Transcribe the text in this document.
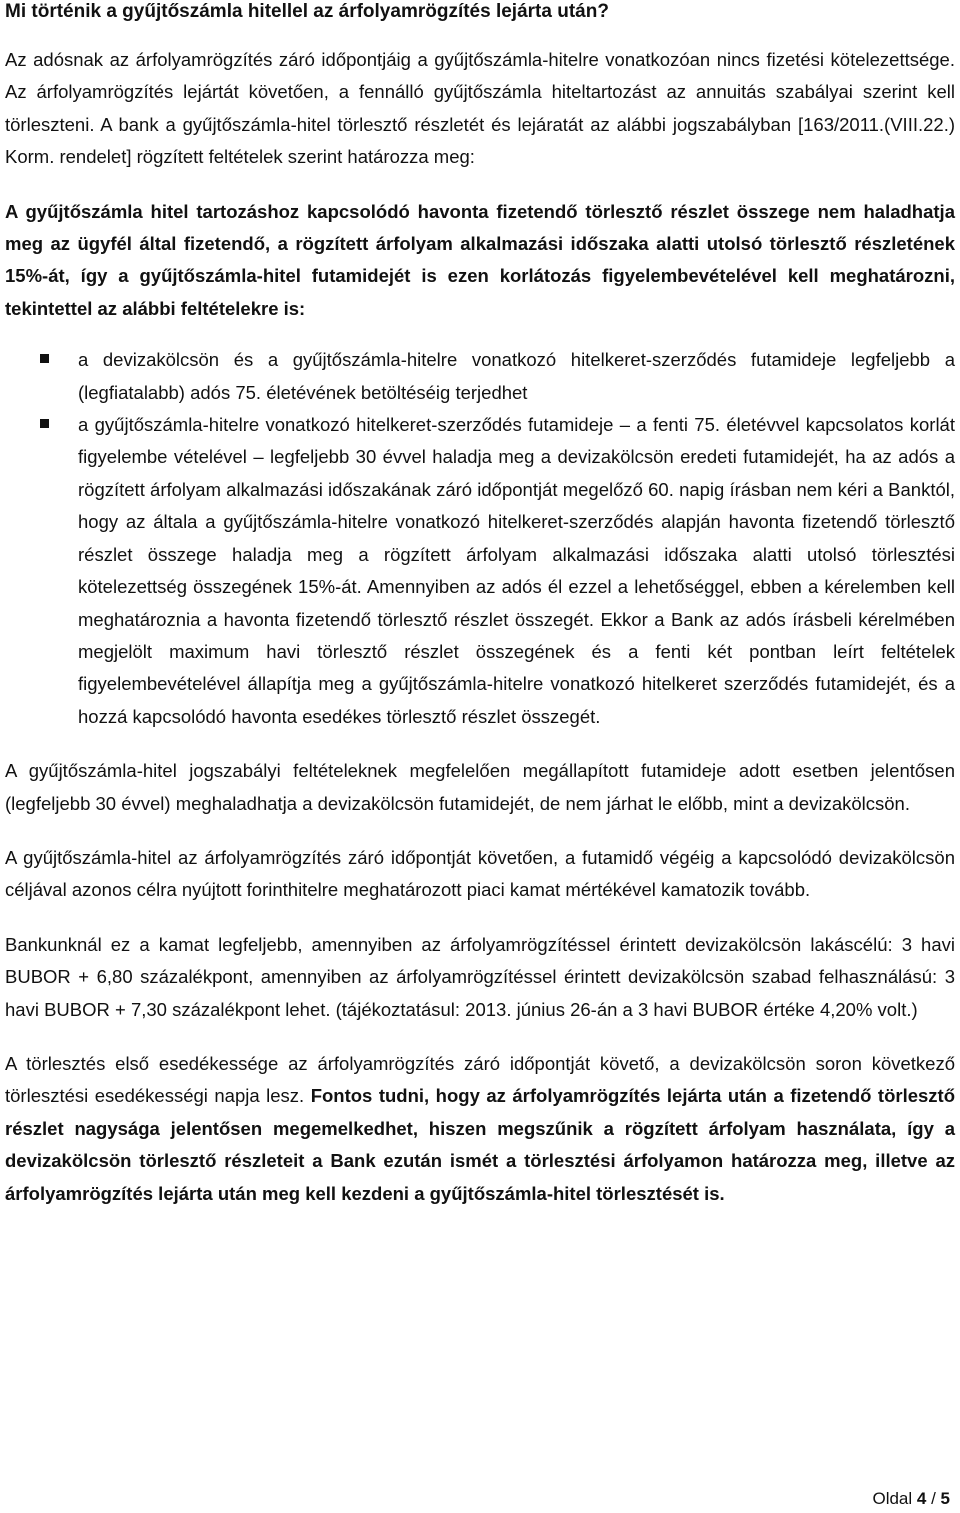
Mi történik a gyűjtőszámla hitellel az árfolyamrögzítés lejárta után?

Az adósnak az árfolyamrögzítés záró időpontjáig a gyűjtőszámla-hitelre vonatkozóan nincs fizetési kötelezettsége. Az árfolyamrögzítés lejártát követően, a fennálló gyűjtőszámla hiteltartozást az annuitás szabályai szerint kell törleszteni. A bank a gyűjtőszámla-hitel törlesztő részletét és lejáratát az alábbi jogszabályban [163/2011.(VIII.22.) Korm. rendelet] rögzített feltételek szerint határozza meg:

A gyűjtőszámla hitel tartozáshoz kapcsolódó havonta fizetendő törlesztő részlet összege nem haladhatja meg az ügyfél által fizetendő, a rögzített árfolyam alkalmazási időszaka alatti utolsó törlesztő részletének 15%-át, így a gyűjtőszámla-hitel futamidejét is ezen korlátozás figyelembevételével kell meghatározni, tekintettel az alábbi feltételekre is:

a devizakölcsön és a gyűjtőszámla-hitelre vonatkozó hitelkeret-szerződés futamideje legfeljebb a (legfiatalabb) adós 75. életévének betöltéséig terjedhet
a gyűjtőszámla-hitelre vonatkozó hitelkeret-szerződés futamideje – a fenti 75. életévvel kapcsolatos korlát figyelembe vételével – legfeljebb 30 évvel haladja meg a devizakölcsön eredeti futamidejét, ha az adós a rögzített árfolyam alkalmazási időszakának záró időpontját megelőző 60. napig írásban nem kéri a Banktól, hogy az általa a gyűjtőszámla-hitelre vonatkozó hitelkeret-szerződés alapján havonta fizetendő törlesztő részlet összege haladja meg a rögzített árfolyam alkalmazási időszaka alatti utolsó törlesztési kötelezettség összegének 15%-át. Amennyiben az adós él ezzel a lehetőséggel, ebben a kérelemben kell meghatároznia a havonta fizetendő törlesztő részlet összegét. Ekkor a Bank az adós írásbeli kérelmében megjelölt maximum havi törlesztő részlet összegének és a fenti két pontban leírt feltételek figyelembevételével állapítja meg a gyűjtőszámla-hitelre vonatkozó hitelkeret szerződés futamidejét, és a hozzá kapcsolódó havonta esedékes törlesztő részlet összegét.

A gyűjtőszámla-hitel jogszabályi feltételeknek megfelelően megállapított futamideje adott esetben jelentősen (legfeljebb 30 évvel) meghaladhatja a devizakölcsön futamidejét, de nem járhat le előbb, mint a devizakölcsön.

A gyűjtőszámla-hitel az árfolyamrögzítés záró időpontját követően, a futamidő végéig a kapcsolódó devizakölcsön céljával azonos célra nyújtott forinthitelre meghatározott piaci kamat mértékével kamatozik tovább.

Bankunknál ez a kamat legfeljebb, amennyiben az árfolyamrögzítéssel érintett devizakölcsön lakáscélú: 3 havi BUBOR + 6,80 százalékpont, amennyiben az árfolyamrögzítéssel érintett devizakölcsön szabad felhasználású: 3 havi BUBOR + 7,30 százalékpont lehet. (tájékoztatásul: 2013. június 26-án a 3 havi BUBOR értéke 4,20% volt.)

A törlesztés első esedékessége az árfolyamrögzítés záró időpontját követő, a devizakölcsön soron következő törlesztési esedékességi napja lesz. Fontos tudni, hogy az árfolyamrögzítés lejárta után a fizetendő törlesztő részlet nagysága jelentősen megemelkedhet, hiszen megszűnik a rögzített árfolyam használata, így a devizakölcsön törlesztő részleteit a Bank ezután ismét a törlesztési árfolyamon határozza meg, illetve az árfolyamrögzítés lejárta után meg kell kezdeni a gyűjtőszámla-hitel törlesztését is.

Oldal 4 / 5
